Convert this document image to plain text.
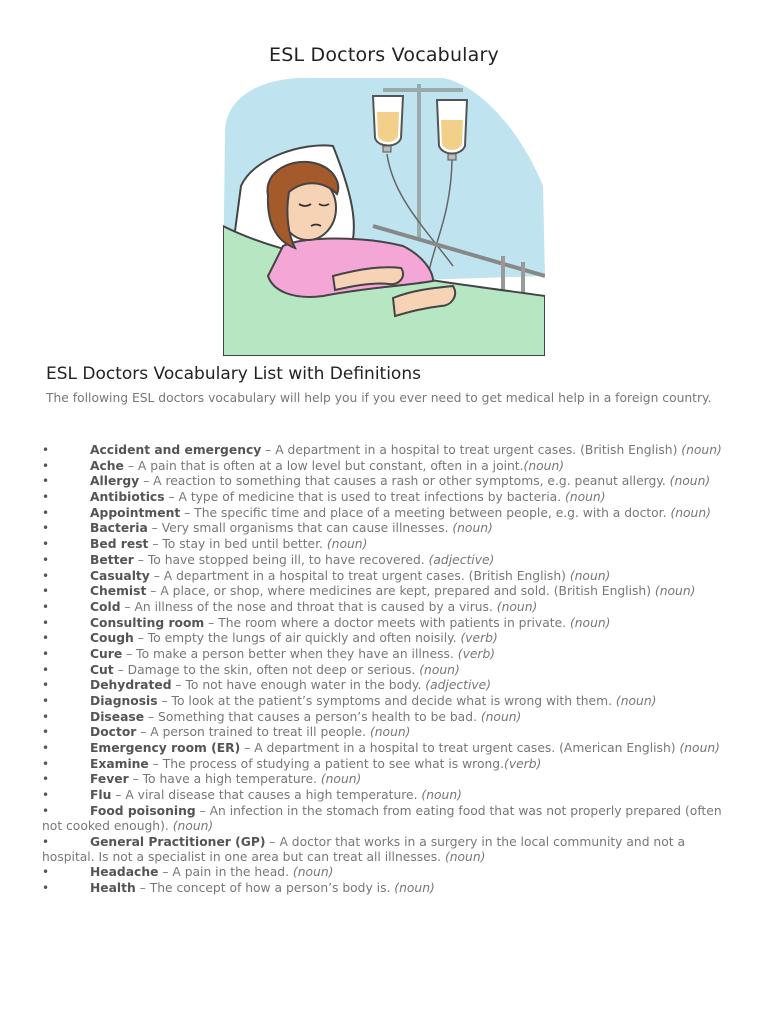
ESL Doctors Vocabulary
ESL Doctors Vocabulary List with Definitions
The following ESL doctors vocabulary will help you if you ever need to get medical help in a foreign country.
•	Accident and emergency – A department in a hospital to treat urgent cases. (British English) (noun)
•	Ache – A pain that is often at a low level but constant, often in a joint.(noun)
•	Allergy – A reaction to something that causes a rash or other symptoms, e.g. peanut allergy. (noun)
•	Antibiotics – A type of medicine that is used to treat infections by bacteria. (noun)
•	Appointment – The specific time and place of a meeting between people, e.g. with a doctor. (noun)
•	Bacteria – Very small organisms that can cause illnesses. (noun)
•	Bed rest – To stay in bed until better. (noun)
•	Better – To have stopped being ill, to have recovered. (adjective)
•	Casualty – A department in a hospital to treat urgent cases. (British English) (noun)
•	Chemist – A place, or shop, where medicines are kept, prepared and sold. (British English) (noun)
•	Cold – An illness of the nose and throat that is caused by a virus. (noun)
•	Consulting room – The room where a doctor meets with patients in private. (noun)
•	Cough – To empty the lungs of air quickly and often noisily. (verb)
•	Cure – To make a person better when they have an illness. (verb)
•	Cut – Damage to the skin, often not deep or serious. (noun)
•	Dehydrated – To not have enough water in the body. (adjective)
•	Diagnosis – To look at the patient’s symptoms and decide what is wrong with them. (noun)
•	Disease – Something that causes a person’s health to be bad. (noun)
•	Doctor – A person trained to treat ill people. (noun)
•	Emergency room (ER) – A department in a hospital to treat urgent cases. (American English) (noun)
•	Examine – The process of studying a patient to see what is wrong.(verb)
•	Fever – To have a high temperature. (noun)
•	Flu – A viral disease that causes a high temperature. (noun)
•	Food poisoning – An infection in the stomach from eating food that was not properly prepared (often not cooked enough). (noun)
•	General Practitioner (GP) – A doctor that works in a surgery in the local community and not a hospital. Is not a specialist in one area but can treat all illnesses. (noun)
•	Headache – A pain in the head. (noun)
•	Health – The concept of how a person’s body is. (noun)
